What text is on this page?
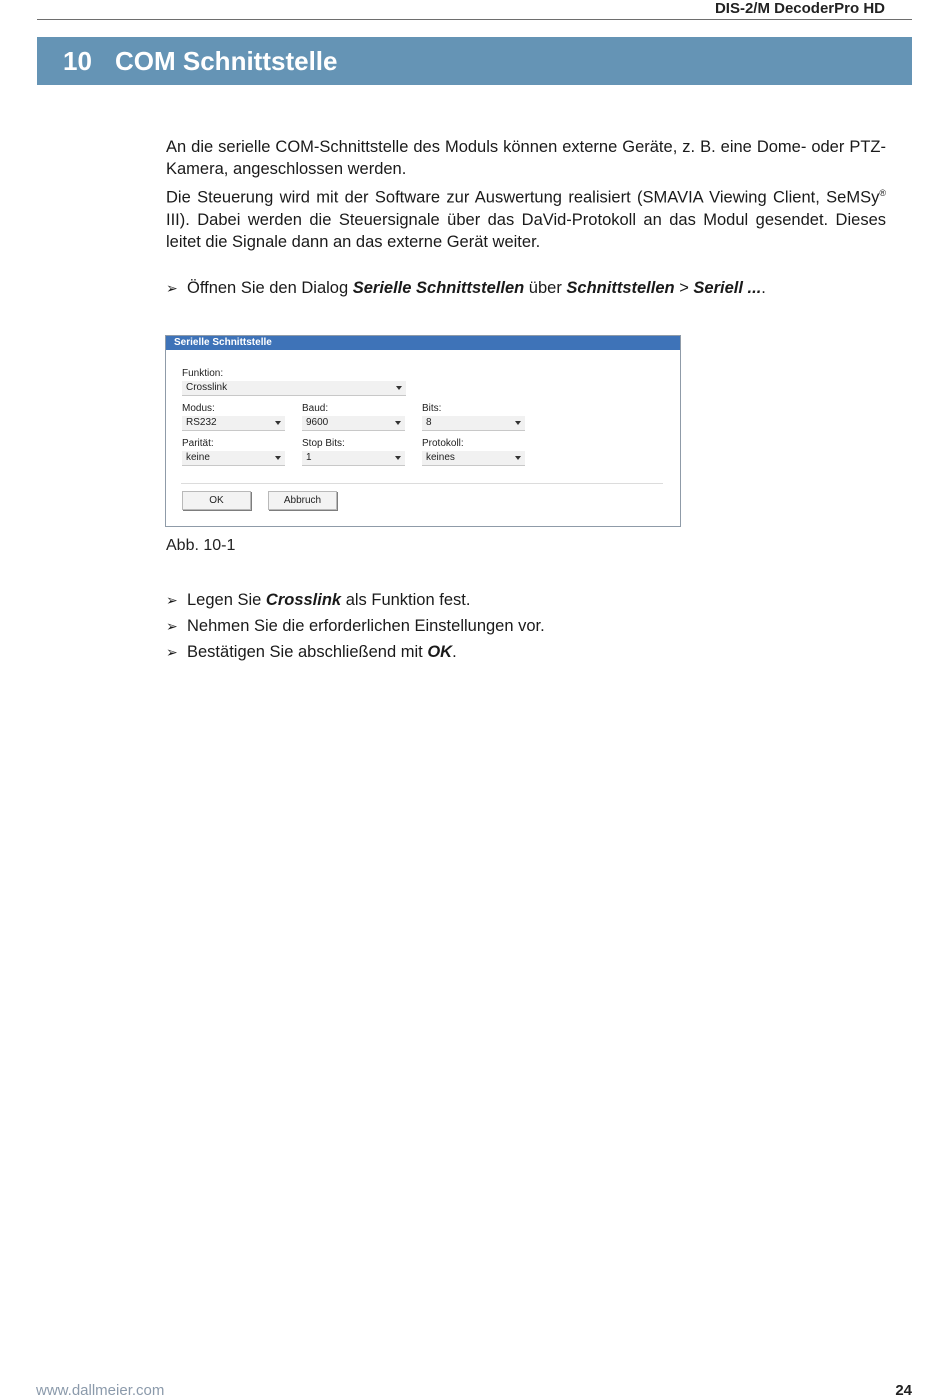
DIS-2/M DecoderPro HD
10 COM Schnittstelle

An die serielle COM-Schnittstelle des Moduls können externe Geräte, z. B. eine Dome- oder PTZ-Kamera, angeschlossen werden.

Die Steuerung wird mit der Software zur Auswertung realisiert (SMAVIA Viewing Client, SeMSy® III). Dabei werden die Steuersignale über das DaVid-Protokoll an das Modul gesendet. Dieses leitet die Signale dann an das externe Gerät weiter.

➢ Öffnen Sie den Dialog Serielle Schnittstellen über Schnittstellen > Seriell ....

Serielle Schnittstelle
Funktion:
Crosslink
Modus:
RS232
Baud:
9600
Bits:
8
Parität:
keine
Stop Bits:
1
Protokoll:
keines
OK	Abbruch
Abb. 10-1

➢ Legen Sie Crosslink als Funktion fest.

➢ Nehmen Sie die erforderlichen Einstellungen vor.

➢ Bestätigen Sie abschließend mit OK.

www.dallmeier.com	24
